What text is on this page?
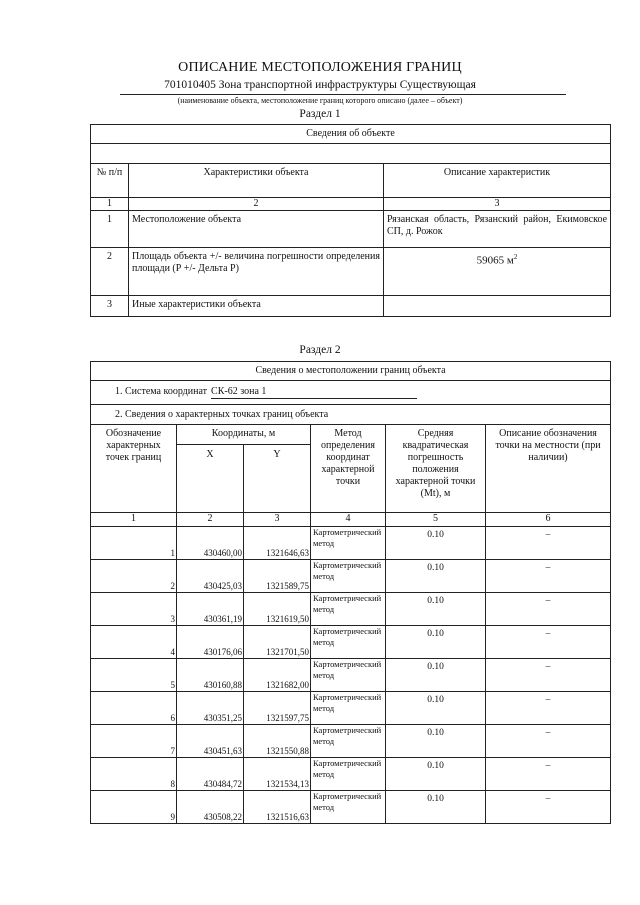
ОПИСАНИЕ МЕСТОПОЛОЖЕНИЯ ГРАНИЦ
701010405 Зона транспортной инфраструктуры Существующая
(наименование объекта, местоположение границ которого описано (далее – объект)
Раздел 1
Сведения об объекте		

№ п/п	Характеристики объекта	Описание характеристик
1	2	3
1	Местоположение объекта	Рязанская область, Рязанский район, Екимовское СП, д. Рожок
2	Площадь объекта +/- величина погрешности определения площади (Р +/- Дельта Р)	59065 $м^2$
3	Иные характеристики объекта	
Раздел 2
Сведения о местоположении границ объекта					
1. Система координат СК-62 зона 1					
2. Сведения о характерных точках границ объекта					
Обозначение характерных точек границ	Координаты, м		Метод определения координат характерной точки	Средняя квадратическая погрешность положения характерной точки (Mt), м	Описание обозначения точки на местности (при наличии)
	X	Y			
1	2	3	4	5	6
1	430460,00	1321646,63	Картометрический метод	0.10	–
2	430425,03	1321589,75	Картометрический метод	0.10	–
3	430361,19	1321619,50	Картометрический метод	0.10	–
4	430176,06	1321701,50	Картометрический метод	0.10	–
5	430160,88	1321682,00	Картометрический метод	0.10	–
6	430351,25	1321597,75	Картометрический метод	0.10	–
7	430451,63	1321550,88	Картометрический метод	0.10	–
8	430484,72	1321534,13	Картометрический метод	0.10	–
9	430508,22	1321516,63	Картометрический метод	0.10	–
